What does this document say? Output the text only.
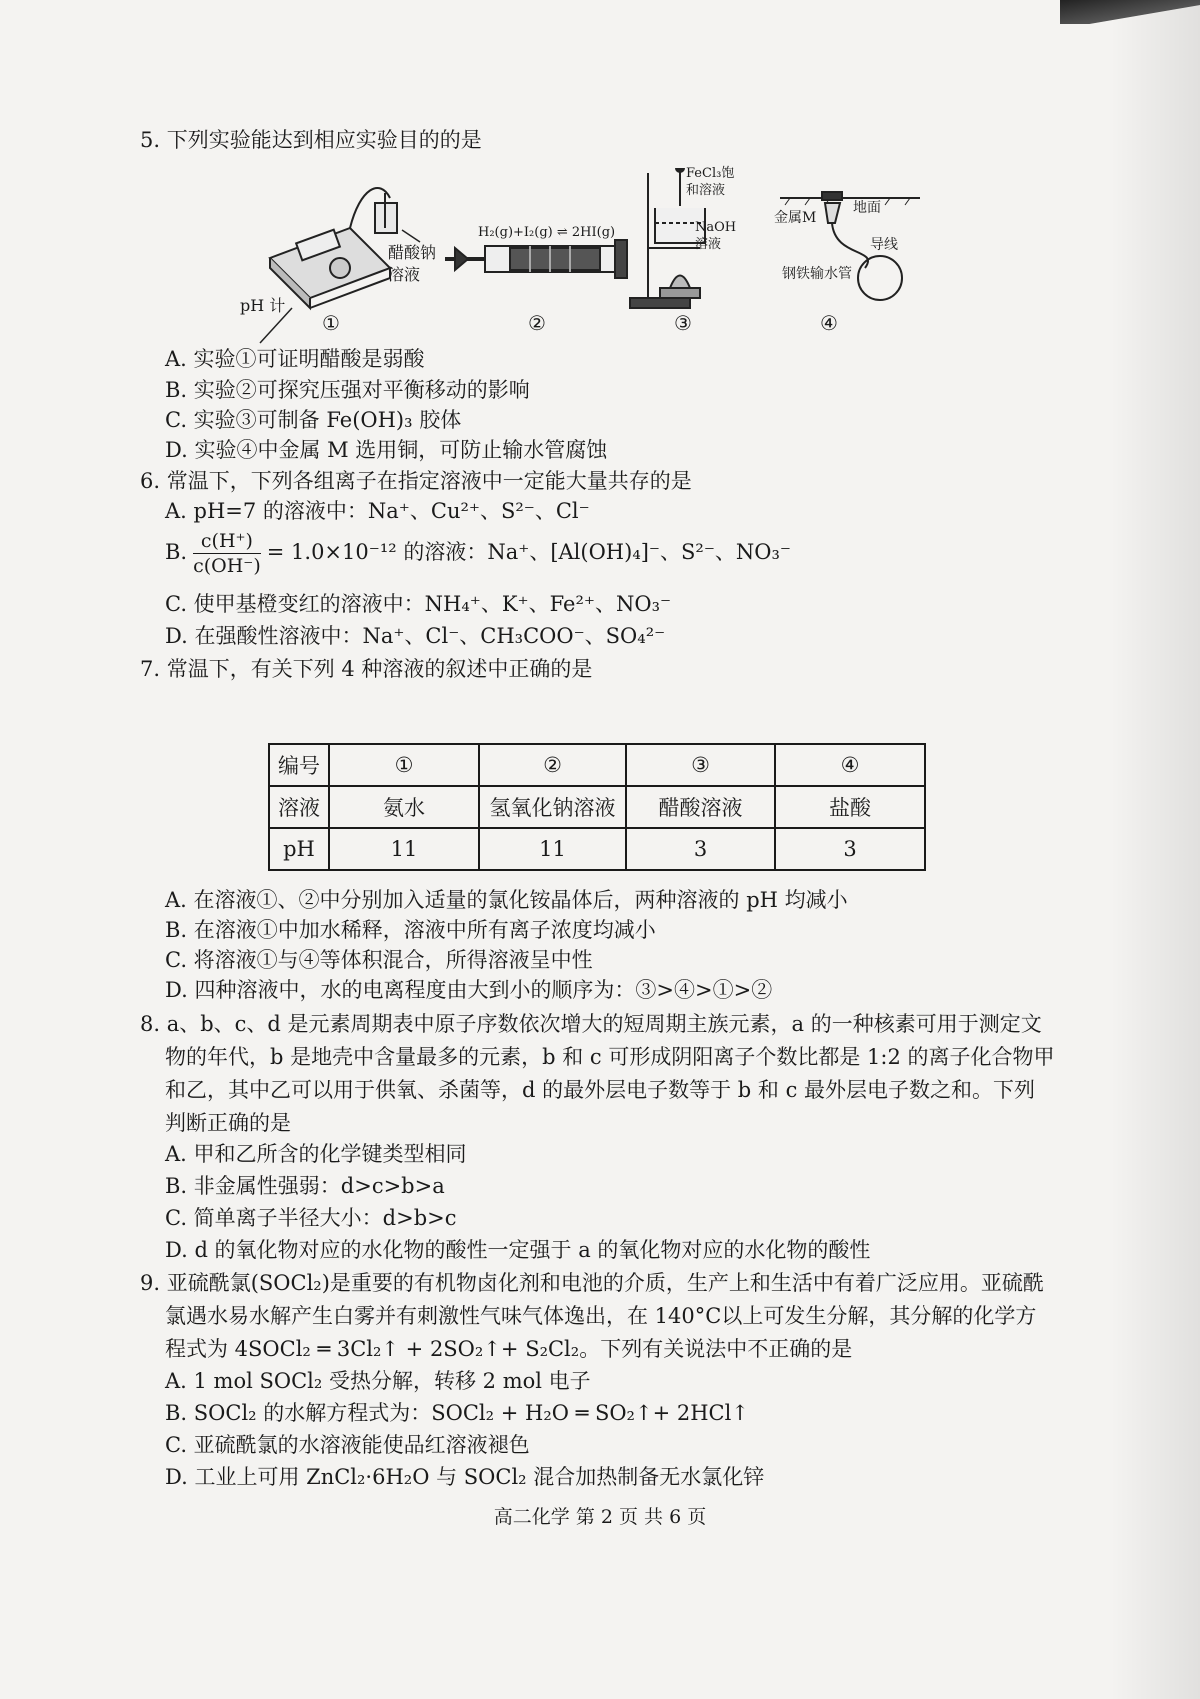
5. 下列实验能达到相应实验目的的是
醋酸钠
溶液
pH 计
H₂(g)+I₂(g) ⇌ 2HI(g)
FeCl₃饱
和溶液
NaOH
溶液
地面
金属M
导线
钢铁输水管
①	②	③	④
A. 实验①可证明醋酸是弱酸
B. 实验②可探究压强对平衡移动的影响
C. 实验③可制备 Fe(OH)₃ 胶体
D. 实验④中金属 M 选用铜，可防止输水管腐蚀
6. 常温下，下列各组离子在指定溶液中一定能大量共存的是
A. pH=7 的溶液中：Na⁺、Cu²⁺、S²⁻、Cl⁻
B. $\frac{c(H^+)}{c(OH^-)} = 1.0\times 10^{-12}$ 的溶液：Na⁺、[Al(OH)₄]⁻、S²⁻、NO₃⁻
C. 使甲基橙变红的溶液中：NH₄⁺、K⁺、Fe²⁺、NO₃⁻
D. 在强酸性溶液中：Na⁺、Cl⁻、CH₃COO⁻、SO₄²⁻
7. 常温下，有关下列 4 种溶液的叙述中正确的是
编号	①	②	③	④
溶液	氨水	氢氧化钠溶液	醋酸溶液	盐酸
pH	11	11	3	3
A. 在溶液①、②中分别加入适量的氯化铵晶体后，两种溶液的 pH 均减小
B. 在溶液①中加水稀释，溶液中所有离子浓度均减小
C. 将溶液①与④等体积混合，所得溶液呈中性
D. 四种溶液中，水的电离程度由大到小的顺序为：③>④>①>②
8. a、b、c、d 是元素周期表中原子序数依次增大的短周期主族元素，a 的一种核素可用于测定文
物的年代，b 是地壳中含量最多的元素，b 和 c 可形成阴阳离子个数比都是 1:2 的离子化合物甲
和乙，其中乙可以用于供氧、杀菌等，d 的最外层电子数等于 b 和 c 最外层电子数之和。下列
判断正确的是
A. 甲和乙所含的化学键类型相同
B. 非金属性强弱：d>c>b>a
C. 简单离子半径大小：d>b>c
D. d 的氧化物对应的水化物的酸性一定强于 a 的氧化物对应的水化物的酸性
9. 亚硫酰氯(SOCl₂)是重要的有机物卤化剂和电池的介质，生产上和生活中有着广泛应用。亚硫酰
氯遇水易水解产生白雾并有刺激性气味气体逸出，在 140°C以上可发生分解，其分解的化学方
程式为 4SOCl₂ ═ 3Cl₂↑ + 2SO₂↑+ S₂Cl₂。下列有关说法中不正确的是
A. 1 mol SOCl₂ 受热分解，转移 2 mol 电子
B. SOCl₂ 的水解方程式为：SOCl₂ + H₂O ═ SO₂↑+ 2HCl↑
C. 亚硫酰氯的水溶液能使品红溶液褪色
D. 工业上可用 ZnCl₂·6H₂O 与 SOCl₂ 混合加热制备无水氯化锌
高二化学 第 2 页 共 6 页
